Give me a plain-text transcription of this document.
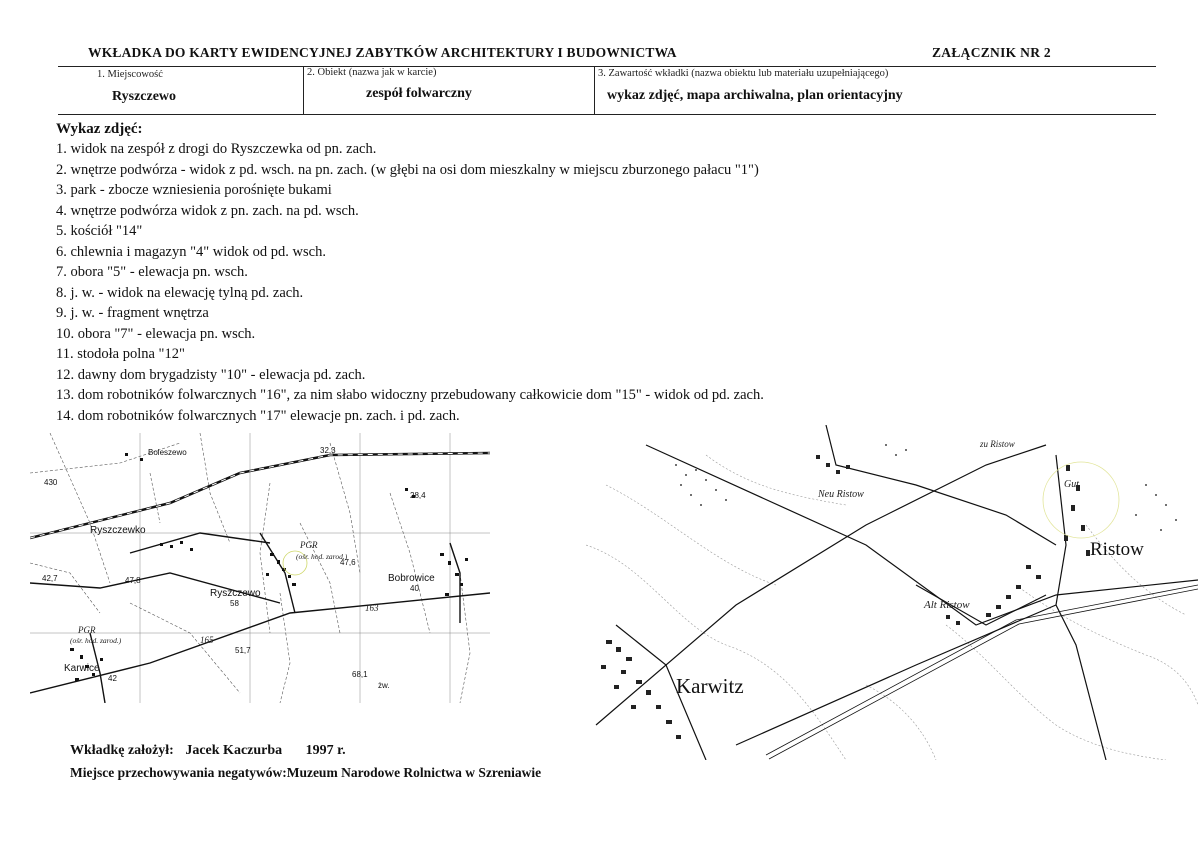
WKŁADKA DO KARTY EWIDENCYJNEJ ZABYTKÓW ARCHITEKTURY I BUDOWNICTWA	ZAŁĄCZNIK NR 2
1. Miejscowość
Ryszczewo
2. Obiekt (nazwa jak w karcie)
zespół folwarczny
3. Zawartość wkładki (nazwa obiektu lub materiału uzupełniającego)
wykaz zdjęć, mapa archiwalna, plan orientacyjny
Wykaz zdjęć:
1. widok na zespół z drogi do Ryszczewka od pn. zach.
2. wnętrze podwórza - widok z pd. wsch. na pn. zach. (w głębi na osi dom mieszkalny w miejscu zburzonego pałacu "1")
3. park - zbocze wzniesienia porośnięte bukami
4. wnętrze podwórza widok z pn. zach. na pd. wsch.
5. kościół "14"
6. chlewnia i magazyn "4" widok od pd. wsch.
7. obora "5" - elewacja pn. wsch.
8. j. w. - widok na elewację tylną pd. zach.
9. j. w. - fragment wnętrza
10. obora "7" - elewacja pn. wsch.
11. stodoła polna "12"
12. dawny dom brygadzisty "10" - elewacja pd. zach.
13. dom robotników folwarcznych "16", za nim słabo widoczny przebudowany całkowicie dom "15" - widok od pd. zach.
14. dom robotników folwarcznych "17" elewacje pn. zach. i pd. zach.
Boleszewo	32,3
430
28,4
Ryszczewko
PGR
(ośr. hod. zarod.)
47,6
Bobrowice
40
42,7	47,8
Ryszczewo
58	163
165
51,7
PGR
(ośr. hod. zarod.)
Karwice
42	68,1
żw.
zu Ristow
Neu Ristow
Gut
Ristow
Alt Ristow
Karwitz
Wkładkę założył: Jacek Kaczurba 1997 r.
Miejsce przechowywania negatywów:Muzeum Narodowe Rolnictwa w Szreniawie
